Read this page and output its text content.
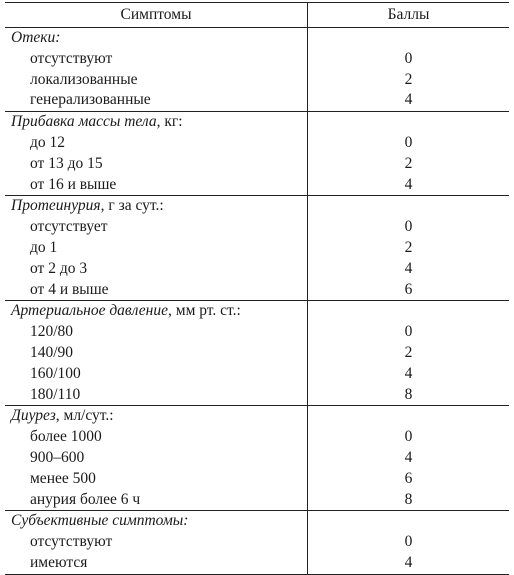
Симптомы	Баллы
Отеки:	
отсутствуют	0
локализованные	2
генерализованные	4
Прибавка массы тела, кг:	
до 12	0
от 13 до 15	2
от 16 и выше	4
Протеинурия, г за сут.:	
отсутствует	0
до 1	2
от 2 до 3	4
от 4 и выше	6
Артериальное давление, мм рт. ст.:	
120/80	0
140/90	2
160/100	4
180/110	8
Диурез, мл/сут.:	
более 1000	0
900–600	4
менее 500	6
анурия более 6 ч	8
Субъективные симптомы:	
отсутствуют	0
имеются	4
